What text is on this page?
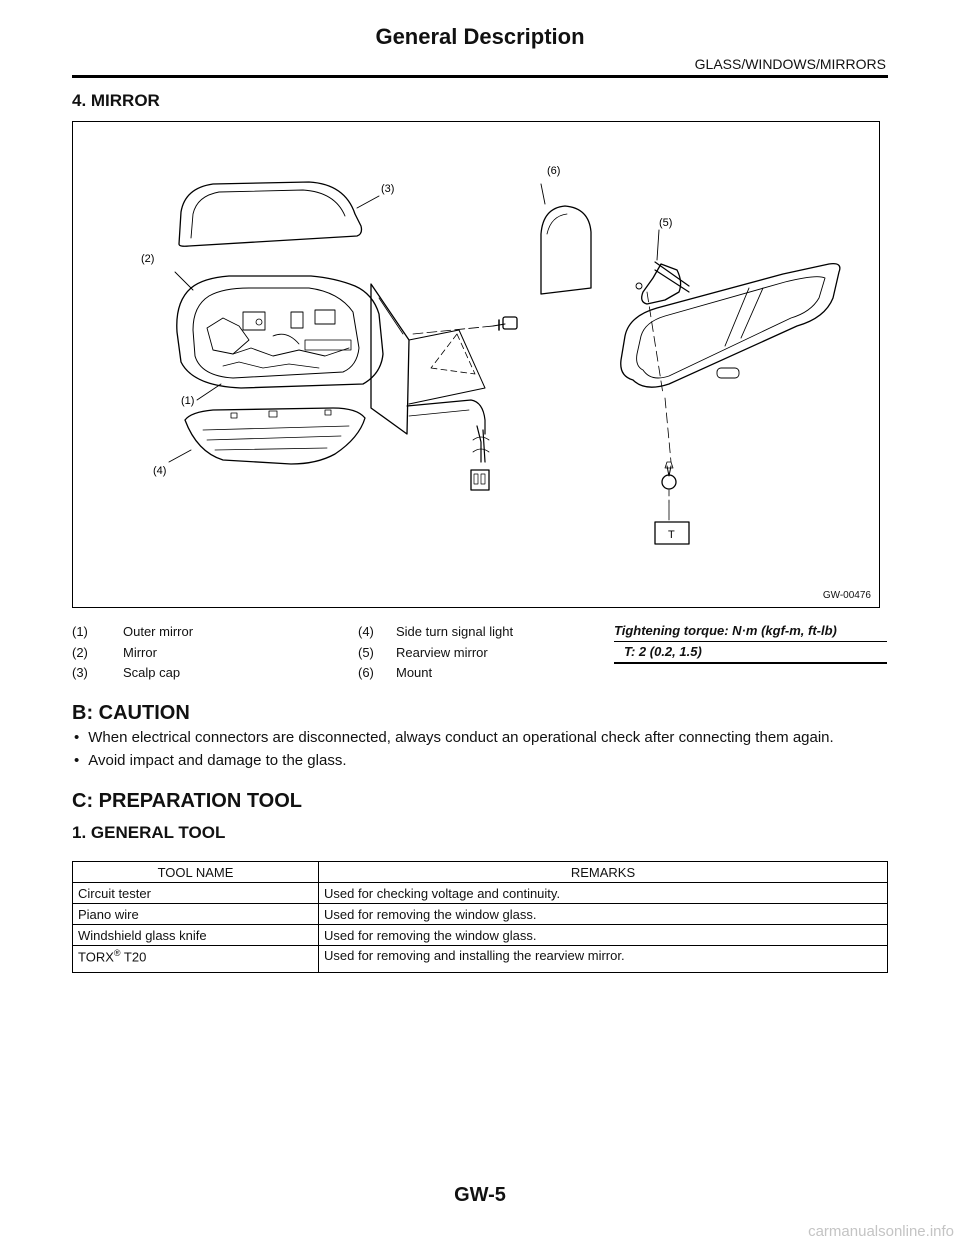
General Description
GLASS/WINDOWS/MIRRORS
4. MIRROR
(2)
(3)
(6)
(5)
(1)
(4)
T
GW-00476
(1)	Outer mirror
(2)	Mirror
(3)	Scalp cap
(4) Side turn signal light
(5) Rearview mirror
(6) Mount
Tightening torque: N·m (kgf-m, ft-lb)
T: 2 (0.2, 1.5)
B: CAUTION
• When electrical connectors are disconnected, always conduct an operational check after connecting them again.
• Avoid impact and damage to the glass.
C: PREPARATION TOOL
1. GENERAL TOOL
TOOL NAME	REMARKS
Circuit tester	Used for checking voltage and continuity.
Piano wire	Used for removing the window glass.
Windshield glass knife	Used for removing the window glass.
TORX® T20	Used for removing and installing the rearview mirror.
GW-5
carmanualsonline.info
